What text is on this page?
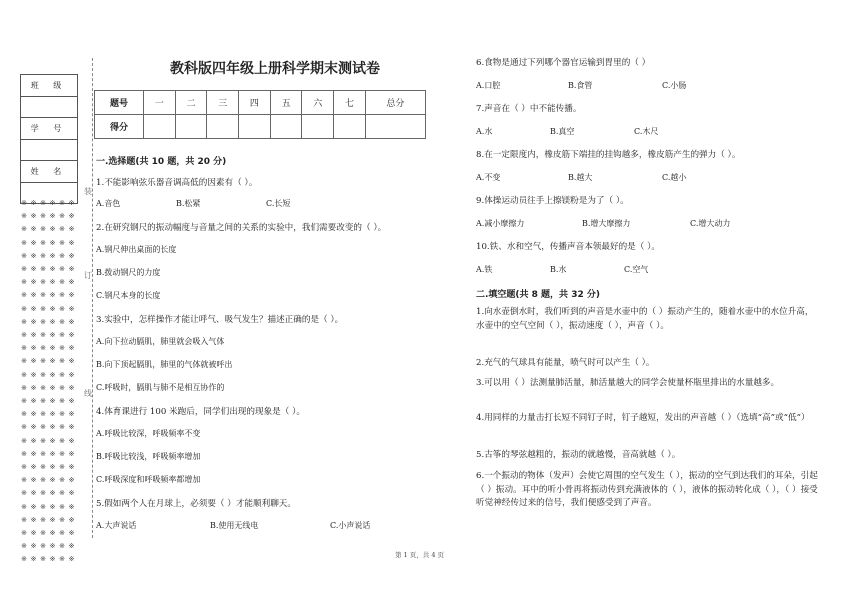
班 级
学 号
姓 名
※ ※ ※ ※ ※ ※
※ ※ ※ ※ ※ ※
※ ※ ※ ※ ※ ※
※ ※ ※ ※ ※ ※
※ ※ ※ ※ ※ ※
※ ※ ※ ※ ※ ※
※ ※ ※ ※ ※ ※
※ ※ ※ ※ ※ ※
※ ※ ※ ※ ※ ※
※ ※ ※ ※ ※ ※
※ ※ ※ ※ ※ ※
※ ※ ※ ※ ※ ※
※ ※ ※ ※ ※ ※
※ ※ ※ ※ ※ ※
※ ※ ※ ※ ※ ※
※ ※ ※ ※ ※ ※
※ ※ ※ ※ ※ ※
※ ※ ※ ※ ※ ※
※ ※ ※ ※ ※ ※
※ ※ ※ ※ ※ ※
※ ※ ※ ※ ※ ※
※ ※ ※ ※ ※ ※
※ ※ ※ ※ ※ ※
※ ※ ※ ※ ※ ※
※ ※ ※ ※ ※ ※
※ ※ ※ ※ ※ ※
※ ※ ※ ※ ※ ※
※ ※ ※ ※ ※ ※
装
订
线
教科版四年级上册科学期末测试卷
题号	一	二	三	四	五	六	七	总分
得分								
一.选择题(共 10 题，共 20 分)
1.不能影响弦乐器音调高低的因素有（ ）。
A.音色	B.松紧	C.长短
2.在研究钢尺的振动幅度与音量之间的关系的实验中，我们需要改变的（ ）。
A.钢尺伸出桌面的长度
B.拨动钢尺的力度
C.钢尺本身的长度
3.实验中，怎样操作才能让呼气、吸气发生？描述正确的是（ ）。
A.向下拉动膈肌，肺里就会吸入气体
B.向下顶起膈肌，肺里的气体就被呼出
C.呼吸时，膈肌与肺不是相互协作的
4.体育课进行 100 米跑后，同学们出现的现象是（ ）。
A.呼吸比较深，呼吸频率不变
B.呼吸比较浅，呼吸频率增加
C.呼吸深度和呼吸频率都增加
5.假如两个人在月球上，必须要（ ）才能顺利聊天。
A.大声说话	B.使用无线电	C.小声说话
6.食物是通过下列哪个器官运输到胃里的（ ）
A.口腔	B.食管	C.小肠
7.声音在（ ）中不能传播。
A.水	B.真空	C.木尺
8.在一定限度内，橡皮筋下端挂的挂钩越多，橡皮筋产生的弹力（ ）。
A.不变	B.越大	C.越小
9.体操运动员往手上擦镁粉是为了（ ）。
A.减小摩擦力	B.增大摩擦力	C.增大动力
10.铁、水和空气，传播声音本领最好的是（ ）。
A.铁	B.水	C.空气
二.填空题(共 8 题，共 32 分)
1.向水壶倒水时，我们听到的声音是水壶中的（ ）振动产生的，随着水壶中的水位升高，水壶中的空气空间（ ），振动速度（ ），声音（ ）。
2.充气的气球具有能量，喷气时可以产生（ ）。
3.可以用（ ）法测量肺活量，肺活量越大的同学会使量杯瓶里排出的水量越多。
4.用同样的力量击打长短不同钉子时，钉子越短，发出的声音越（ ）（选填“高”或“低”）
5.古筝的琴弦越粗的，振动的就越慢，音高就越（ ）。
6.一个振动的物体（发声）会使它周围的空气发生（ ），振动的空气到达我们的耳朵，引起（ ）振动。耳中的听小骨再将振动传到充满液体的（ ），液体的振动转化成（ ），（ ）接受听觉神经传过来的信号，我们便感受到了声音。
第 1 页，共 4 页
